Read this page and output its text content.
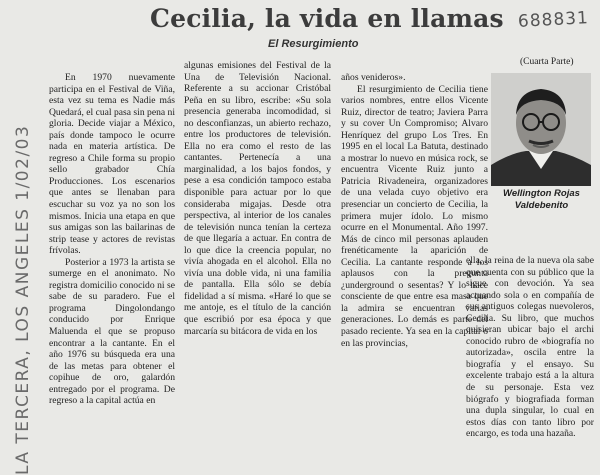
Cecilia, la vida en llamas
El Resurgimiento
688831
(Cuarta Parte)
LA TERCERA, LOS ANGELES 1/02/03

En 1970 nuevamente participa en el Festival de Viña, esta vez su tema es Nadie más Quedará, el cual pasa sin pena ni gloria. Decide viajar a México, país donde tampoco le ocurre nada en materia artística. De regreso a Chile forma su propio sello grabador Chía Producciones. Los escenarios que antes se llenaban para escuchar su voz ya no son los mismos. Inicia una etapa en que sus amigas son las bailarinas de strip tease y actores de revistas frívolas.

Posterior a 1973 la artista se sumerge en el anonimato. No registra domicilio conocido ni se sabe de su paradero. Fue el programa Dingolondango conducido por Enrique Maluenda el que se propuso encontrar a la cantante. En el año 1976 su búsqueda era una de las metas para obtener el copihue de oro, galardón entregado por el programa. De regreso a la capital actúa en

algunas emisiones del Festival de la Una de Televisión Nacional. Referente a su accionar Cristóbal Peña en su libro, escribe: «Su sola presencia generaba incomodidad, si no desconfianzas, un abierto rechazo, entre los productores de televisión. Ella no era como el resto de las cantantes. Pertenecía a una marginalidad, a los bajos fondos, y pese a esa condición tampoco estaba disponible para actuar por lo que consideraba migajas. Desde otra perspectiva, al interior de los canales de televisión nunca tenían la certeza de que llegaría a actuar. En contra de lo que dice la creencia popular, no vivía ahogada en el alcohol. Ella no vivía una doble vida, ni una familia de pantalla. Ella sólo se debía fidelidad a sí misma. «Haré lo que se me antoje, es el título de la canción que escribió por esa época y que marcaría su bitácora de vida en los

años venideros».

El resurgimiento de Cecilia tiene varios nombres, entre ellos Vicente Ruiz, director de teatro; Javiera Parra y su cover Un Compromiso; Alvaro Henríquez del grupo Los Tres. En 1995 en el local La Batuta, destinado a mostrar lo nuevo en música rock, se encuentra Vicente Ruiz junto a Patricia Rivadeneira, organizadores de una velada cuyo objetivo era presenciar un concierto de Cecilia, la primera mujer ídolo. Lo mismo ocurre en el Monumental. Año 1997. Más de cinco mil personas aplauden frenéticamente la aparición de Cecilia. La cantante responde a los aplausos con la pregunta ¿underground o sesentas? Y lo hace consciente de que entre esa masa que la admira se encuentran varias generaciones. Lo demás es parte del pasado reciente. Ya sea en la capital o en las provincias,

ella, la reina de la nueva ola sabe que cuenta con su público que la sigue con devoción. Ya sea actuando sola o en compañía de sus antiguos colegas nuevoleros, Cecilia. Su libro, que muchos quisieran ubicar bajo el archi conocido rubro de «biografía no autorizada», oscila entre la biografía y el ensayo. Su excelente trabajo está a la altura de su personaje. Esta vez biógrafo y biografiada forman una dupla singular, lo cual en estos días con tanto libro por encargo, es toda una hazaña.

Wellington Rojas
Valdebenito
